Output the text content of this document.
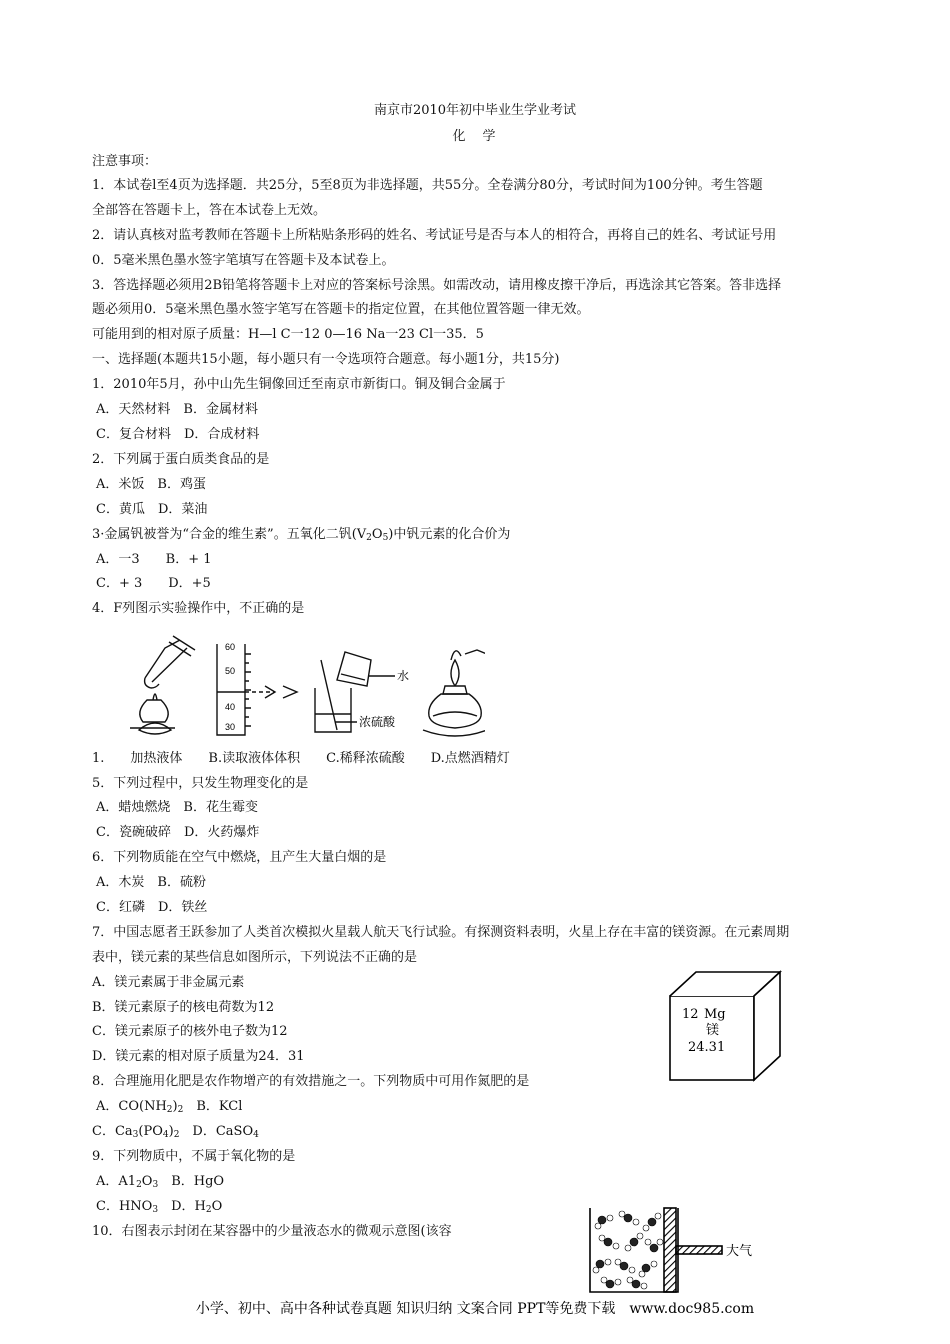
南京市2010年初中毕业生学业考试
化　学
注意事项：
1．本试卷l至4页为选择题．共25分，5至8页为非选择题，共55分。全卷满分80分，考试时间为100分钟。考生答题
全部答在答题卡上，答在本试卷上无效。
2．请认真核对监考教师在答题卡上所粘贴条形码的姓名、考试证号是否与本人的相符合，再将自己的姓名、考试证号用
0．5毫米黑色墨水签字笔填写在答题卡及本试卷上。
3．答选择题必须用2B铅笔将答题卡上对应的答案标号涂黑。如需改动，请用橡皮擦干净后，再选涂其它答案。答非选择
题必须用0．5毫米黑色墨水签字笔写在答题卡的指定位置，在其他位置答题一律无效。
可能用到的相对原子质量：H—l C一12 0—16 Na一23 Cl一35．5
一、选择题(本题共15小题，每小题只有一令选项符合题意。每小题1分，共15分)
1．2010年5月，孙中山先生铜像回迁至南京市新街口。铜及铜合金属于
A．天然材料　B．金属材料
C．复合材料　D．合成材料
2．下列属于蛋白质类食品的是
A．米饭　B．鸡蛋
C．黄瓜　D．菜油
3·金属钒被誉为“合金的维生素”。五氧化二钒$(V_2O_5)$中钒元素的化合价为
A．一3　　B．+ 1
C．+ 3　　D．+5
4．F列图示实验操作中，不正确的是
60
50
40
30
水
浓硫酸
1.　　加热液体　　B.读取液体体积　　C.稀释浓硫酸　　D.点燃酒精灯
5．下列过程中，只发生物理变化的是
A．蜡烛燃烧　B．花生霉变
C．瓷碗破碎　D．火药爆炸
6．下列物质能在空气中燃烧，且产生大量白烟的是
A．木炭　B．硫粉
C．红磷　D．铁丝
7．中国志愿者王跃参加了人类首次模拟火星载人航天飞行试验。有探测资料表明，火星上存在丰富的镁资源。在元素周期
表中，镁元素的某些信息如图所示，下列说法不正确的是
A．镁元素属于非金属元素
B．镁元素原子的核电荷数为12
C．镁元素原子的核外电子数为12
D．镁元素的相对原子质量为24．31
12 Mg
镁
24.31
8．合理施用化肥是农作物增产的有效措施之一。下列物质中可用作氮肥的是
A．$CO(NH_2)_2$　B．KCl
C．$Ca_3(PO_4)_2$　D．CaSO$_4$
9．下列物质中，不属于氧化物的是
A．$A1_2O_3$　B．HgO
C．$HNO_3$　D．$H_2O$
10．右图表示封闭在某容器中的少量液态水的微观示意图(该容
大气
小学、初中、高中各种试卷真题 知识归纳 文案合同 PPT等免费下载　www.doc985.com
